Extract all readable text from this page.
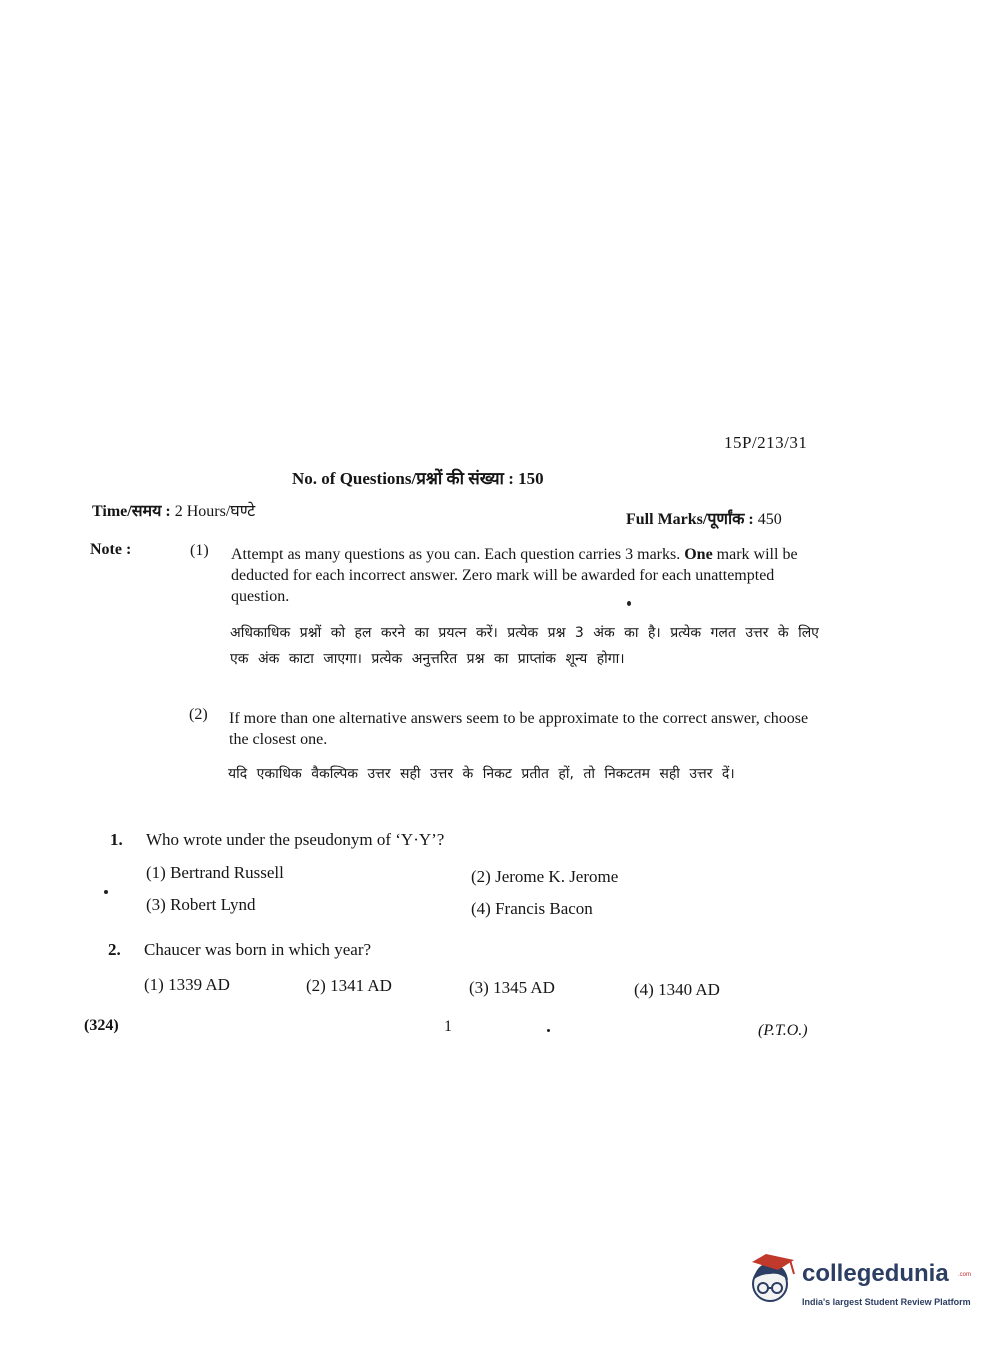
15P/213/31
No. of Questions/प्रश्नों की संख्या : 150
Time/समय : 2 Hours/घण्टे	Full Marks/पूर्णांक : 450
Note :	(1) Attempt as many questions as you can. Each question carries 3 marks. One mark will be deducted for each incorrect answer. Zero mark will be awarded for each unattempted question.
अधिकाधिक प्रश्नों को हल करने का प्रयत्न करें। प्रत्येक प्रश्न 3 अंक का है। प्रत्येक गलत उत्तर के लिए एक अंक काटा जाएगा। प्रत्येक अनुत्तरित प्रश्न का प्राप्तांक शून्य होगा।
(2) If more than one alternative answers seem to be approximate to the correct answer, choose the closest one.
यदि एकाधिक वैकल्पिक उत्तर सही उत्तर के निकट प्रतीत हों, तो निकटतम सही उत्तर दें।
1. Who wrote under the pseudonym of ‘Y·Y’?
(1) Bertrand Russell	(2) Jerome K. Jerome
(3) Robert Lynd	(4) Francis Bacon
2. Chaucer was born in which year?
(1) 1339 AD	(2) 1341 AD	(3) 1345 AD	(4) 1340 AD
(324)	1	(P.T.O.)
collegedunia .com
India's largest Student Review Platform
